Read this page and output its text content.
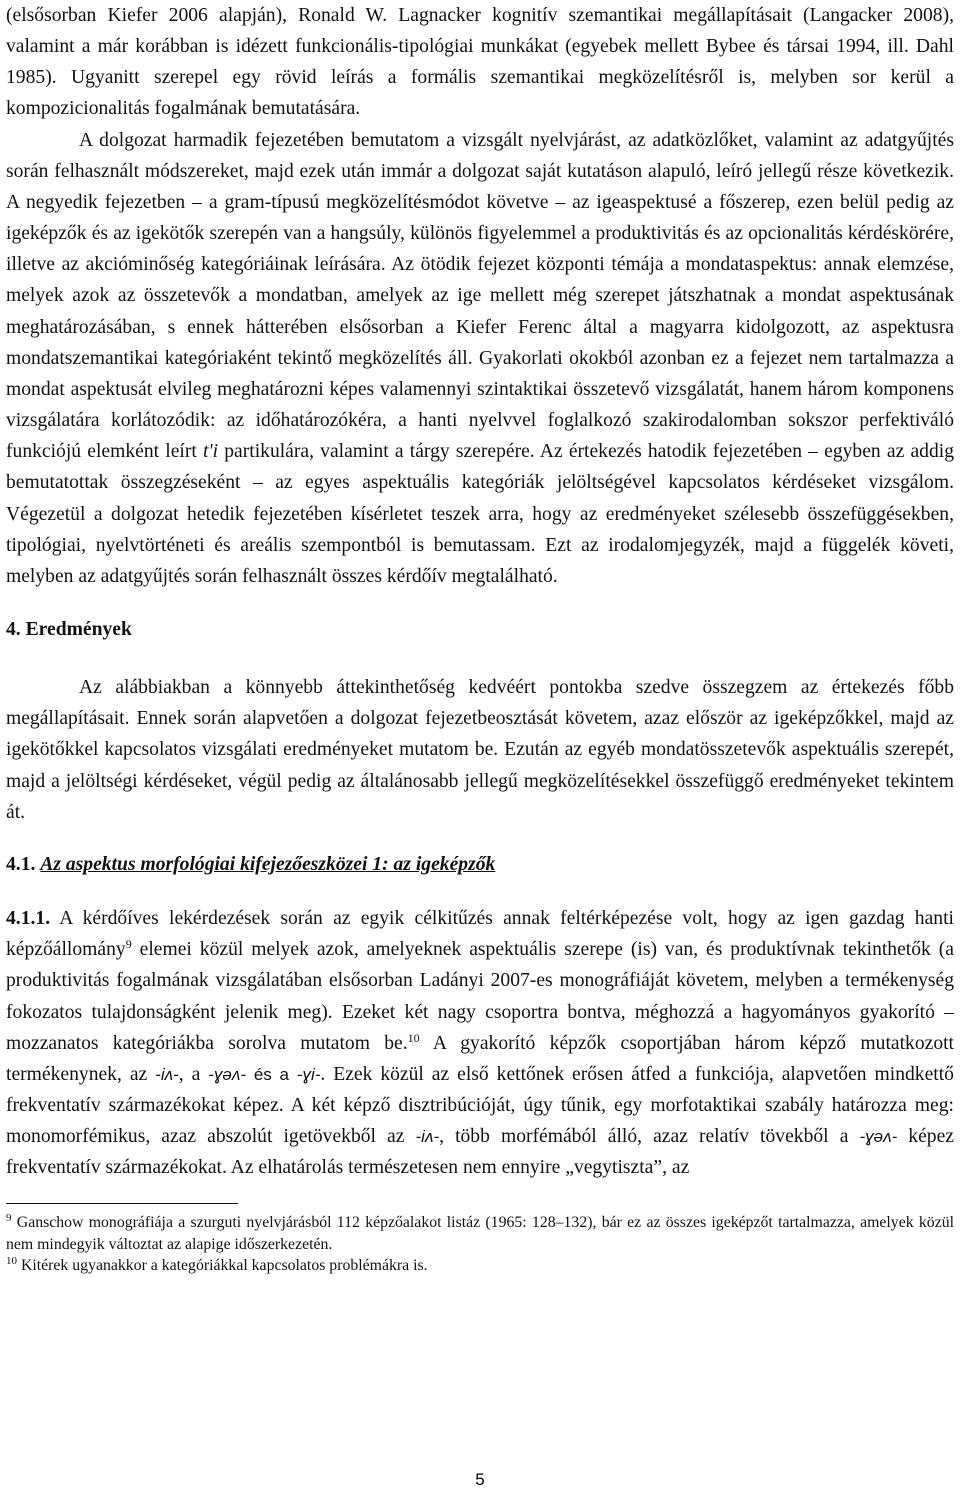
(elsősorban Kiefer 2006 alapján), Ronald W. Lagnacker kognitív szemantikai megállapításait (Langacker 2008), valamint a már korábban is idézett funkcionális-tipológiai munkákat (egyebek mellett Bybee és társai 1994, ill. Dahl 1985). Ugyanitt szerepel egy rövid leírás a formális szemantikai megközelítésről is, melyben sor kerül a kompozicionalitás fogalmának bemutatására.

A dolgozat harmadik fejezetében bemutatom a vizsgált nyelvjárást, az adatközlőket, valamint az adatgyűjtés során felhasznált módszereket, majd ezek után immár a dolgozat saját kutatáson alapuló, leíró jellegű része következik. A negyedik fejezetben – a gram-típusú megközelítésmódot követve – az igeaspektusé a főszerep, ezen belül pedig az igeképzők és az igekötők szerepén van a hangsúly, különös figyelemmel a produktivitás és az opcionalitás kérdéskörére, illetve az akcióminőség kategóriáinak leírására. Az ötödik fejezet központi témája a mondataspektus: annak elemzése, melyek azok az összetevők a mondatban, amelyek az ige mellett még szerepet játszhatnak a mondat aspektusának meghatározásában, s ennek hátterében elsősorban a Kiefer Ferenc által a magyarra kidolgozott, az aspektusra mondatszemantikai kategóriaként tekintő megközelítés áll. Gyakorlati okokból azonban ez a fejezet nem tartalmazza a mondat aspektusát elvileg meghatározni képes valamennyi szintaktikai összetevő vizsgálatát, hanem három komponens vizsgálatára korlátozódik: az időhatározókéra, a hanti nyelvvel foglalkozó szakirodalomban sokszor perfektiváló funkciójú elemként leírt t'i partikulára, valamint a tárgy szerepére. Az értekezés hatodik fejezetében – egyben az addig bemutatottak összegzéseként – az egyes aspektuális kategóriák jelöltségével kapcsolatos kérdéseket vizsgálom. Végezetül a dolgozat hetedik fejezetében kísérletet teszek arra, hogy az eredményeket szélesebb összefüggésekben, tipológiai, nyelvtörténeti és areális szempontból is bemutassam. Ezt az irodalomjegyzék, majd a függelék követi, melyben az adatgyűjtés során felhasznált összes kérdőív megtalálható.

4. Eredmények

Az alábbiakban a könnyebb áttekinthetőség kedvéért pontokba szedve összegzem az értekezés főbb megállapításait. Ennek során alapvetően a dolgozat fejezetbeosztását követem, azaz először az igeképzőkkel, majd az igekötőkkel kapcsolatos vizsgálati eredményeket mutatom be. Ezután az egyéb mondatösszetevők aspektuális szerepét, majd a jelöltségi kérdéseket, végül pedig az általánosabb jellegű megközelítésekkel összefüggő eredményeket tekintem át.

4.1. Az aspektus morfológiai kifejezőeszközei 1: az igeképzők

4.1.1. A kérdőíves lekérdezések során az egyik célkitűzés annak feltérképezése volt, hogy az igen gazdag hanti képzőállomány$^9$ elemei közül melyek azok, amelyeknek aspektuális szerepe (is) van, és produktívnak tekinthetők (a produktivitás fogalmának vizsgálatában elsősorban Ladányi 2007-es monográfiáját követem, melyben a termékenység fokozatos tulajdonságként jelenik meg). Ezeket két nagy csoportra bontva, méghozzá a hagyományos gyakorító – mozzanatos kategóriákba sorolva mutatom be.$^{10}$ A gyakorító képzők csoportjában három képző mutatkozott termékenynek, az -iʌ-, a -ɣəʌ- és a -ɣi-. Ezek közül az első kettőnek erősen átfed a funkciója, alapvetően mindkettő frekventatív származékokat képez. A két képző disztribúcióját, úgy tűnik, egy morfotaktikai szabály határozza meg: monomorfémikus, azaz abszolút igetövekből az -iʌ-, több morfémából álló, azaz relatív tövekből a -ɣəʌ- képez frekventatív származékokat. Az elhatárolás természetesen nem ennyire „vegytiszta”, az

$^9$ Ganschow monográfiája a szurguti nyelvjárásból 112 képzőalakot listáz (1965: 128–132), bár ez az összes igeképzőt tartalmazza, amelyek közül nem mindegyik változtat az alapige időszerkezetén.

$^{10}$ Kitérek ugyanakkor a kategóriákkal kapcsolatos problémákra is.

5
